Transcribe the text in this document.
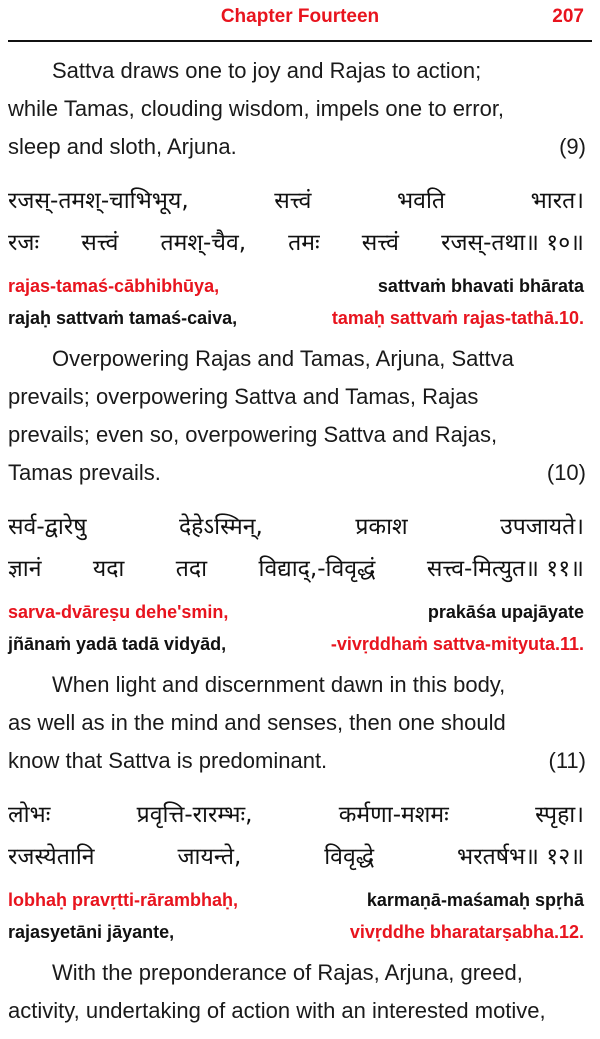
Chapter Fourteen	207
Sattva draws one to joy and Rajas to action;
while Tamas, clouding wisdom, impels one to error,
sleep and sloth, Arjuna.	(9)
रजस्-तमश्-चाभिभूय,	सत्त्वं	भवति	भारत।
रजः सत्त्वं तमश्-चैव, तमः सत्त्वं रजस्-तथा॥ १०॥
rajas-tamaś-cābhibhūya,	sattvaṁ bhavati bhārata
rajaḥ sattvaṁ tamaś-caiva,	tamaḥ sattvaṁ rajas-tathā.10.
Overpowering Rajas and Tamas, Arjuna, Sattva
prevails; overpowering Sattva and Tamas, Rajas
prevails; even so, overpowering Sattva and Rajas,
Tamas prevails.	(10)
सर्व-द्वारेषु	देहेऽस्मिन्,	प्रकाश	उपजायते।
ज्ञानं यदा तदा विद्याद्,-विवृद्धं सत्त्व-मित्युत॥ ११॥
sarva-dvāreṣu dehe'smin,	prakāśa upajāyate
jñānaṁ yadā tadā vidyād,	-vivṛddhaṁ sattva-mityuta.11.
When light and discernment dawn in this body,
as well as in the mind and senses, then one should
know that Sattva is predominant.	(11)
लोभः	प्रवृत्ति-रारम्भः,	कर्मणा-मशमः	स्पृहा।
रजस्येतानि	जायन्ते,	विवृद्धे	भरतर्षभ॥ १२॥
lobhaḥ pravṛtti-rārambhaḥ,	karmaṇā-maśamaḥ spṛhā
rajasyetāni jāyante,	vivṛddhe bharatarṣabha.12.
With the preponderance of Rajas, Arjuna, greed,
activity, undertaking of action with an interested motive,
